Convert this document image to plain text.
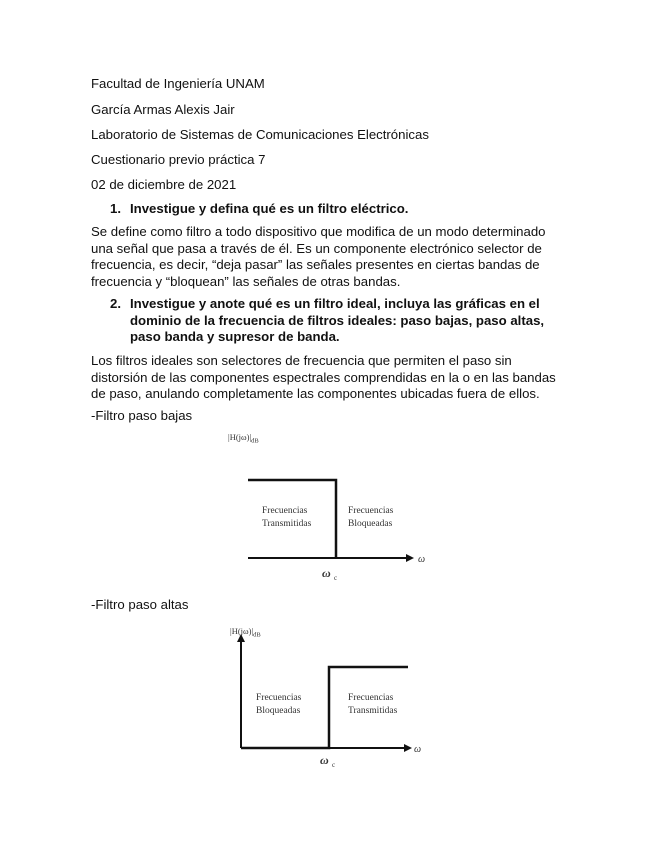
Facultad de Ingeniería UNAM
García Armas Alexis Jair
Laboratorio de Sistemas de Comunicaciones Electrónicas
Cuestionario previo práctica 7
02 de diciembre de 2021
1. Investigue y defina qué es un filtro eléctrico.
Se define como filtro a todo dispositivo que modifica de un modo determinado una señal que pasa a través de él. Es un componente electrónico selector de frecuencia, es decir, “deja pasar” las señales presentes en ciertas bandas de frecuencia y “bloquean” las señales de otras bandas.
2. Investigue y anote qué es un filtro ideal, incluya las gráficas en el dominio de la frecuencia de filtros ideales: paso bajas, paso altas, paso banda y supresor de banda.
Los filtros ideales son selectores de frecuencia que permiten el paso sin distorsión de las componentes espectrales comprendidas en la o en las bandas de paso, anulando completamente las componentes ubicadas fuera de ellos.
-Filtro paso bajas
Frecuencias
Transmitidas
Frecuencias
Bloqueadas
ω
ω c
$|H(j\omega)|_{dB}$
-Filtro paso altas
Frecuencias
Bloqueadas
Frecuencias
Transmitidas
ω
ω c
$|H(j\omega)|_{dB}$
